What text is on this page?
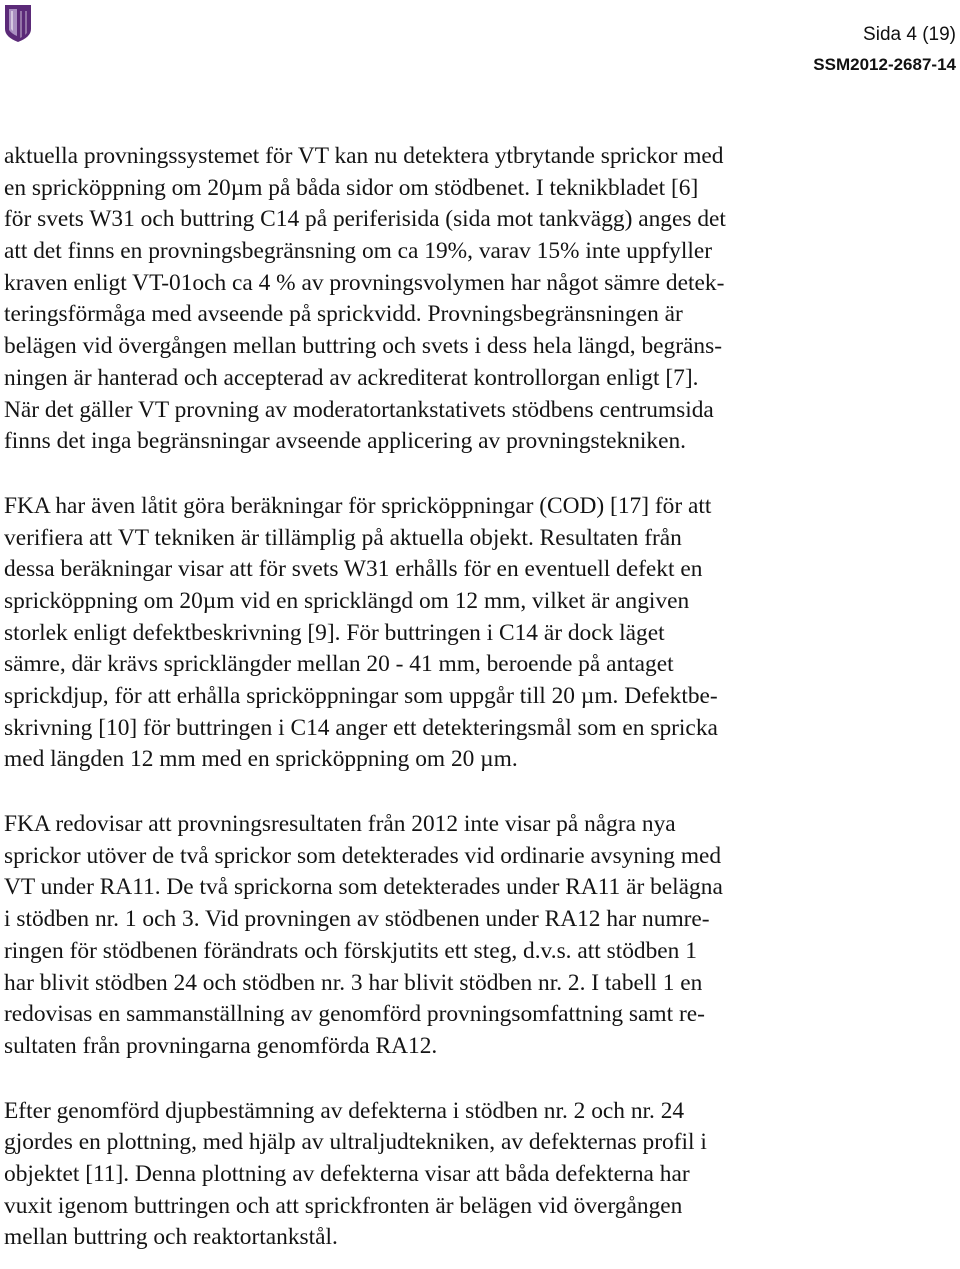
Sida 4 (19)
SSM2012-2687-14
aktuella provningssystemet för VT kan nu detektera ytbrytande sprickor med
en spricköppning om 20µm på båda sidor om stödbenet. I teknikbladet [6]
för svets W31 och buttring C14 på periferisida (sida mot tankvägg) anges det
att det finns en provningsbegränsning om ca 19%, varav 15% inte uppfyller
kraven enligt VT-01och ca 4 % av provningsvolymen har något sämre detek-
teringsförmåga med avseende på sprickvidd. Provningsbegränsningen är
belägen vid övergången mellan buttring och svets i dess hela längd, begräns-
ningen är hanterad och accepterad av ackrediterat kontrollorgan enligt [7].
När det gäller VT provning av moderatortankstativets stödbens centrumsida
finns det inga begränsningar avseende applicering av provningstekniken.
FKA har även låtit göra beräkningar för spricköppningar (COD) [17] för att
verifiera att VT tekniken är tillämplig på aktuella objekt. Resultaten från
dessa beräkningar visar att för svets W31 erhålls för en eventuell defekt en
spricköppning om 20µm vid en spricklängd om 12 mm, vilket är angiven
storlek enligt defektbeskrivning [9]. För buttringen i C14 är dock läget
sämre, där krävs spricklängder mellan 20 - 41 mm, beroende på antaget
sprickdjup, för att erhålla spricköppningar som uppgår till 20 µm. Defektbe-
skrivning [10] för buttringen i C14 anger ett detekteringsmål som en spricka
med längden 12 mm med en spricköppning om 20 µm.
FKA redovisar att provningsresultaten från 2012 inte visar på några nya
sprickor utöver de två sprickor som detekterades vid ordinarie avsyning med
VT under RA11. De två sprickorna som detekterades under RA11 är belägna
i stödben nr. 1 och 3. Vid provningen av stödbenen under RA12 har numre-
ringen för stödbenen förändrats och förskjutits ett steg, d.v.s. att stödben 1
har blivit stödben 24 och stödben nr. 3 har blivit stödben nr. 2. I tabell 1 en
redovisas en sammanställning av genomförd provningsomfattning samt re-
sultaten från provningarna genomförda RA12.
Efter genomförd djupbestämning av defekterna i stödben nr. 2 och nr. 24
gjordes en plottning, med hjälp av ultraljudtekniken, av defekternas profil i
objektet [11]. Denna plottning av defekterna visar att båda defekterna har
vuxit igenom buttringen och att sprickfronten är belägen vid övergången
mellan buttring och reaktortankstål.
